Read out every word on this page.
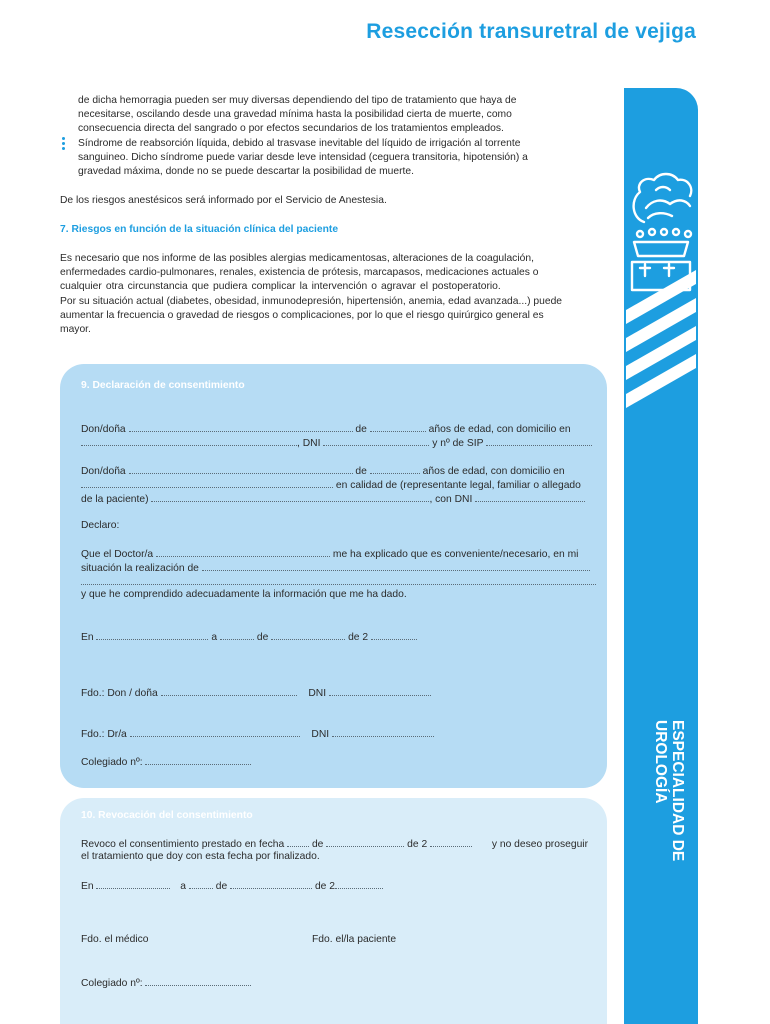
Resección transuretral de vejiga
ESPECIALIDAD DE
UROLOGÍA
de dicha hemorragia pueden ser muy diversas dependiendo del tipo de tratamiento que haya de
necesitarse, oscilando desde una gravedad mínima hasta la posibilidad cierta de muerte, como
consecuencia directa del sangrado o por efectos secundarios de los tratamientos empleados.
Síndrome de reabsorción líquida, debido al trasvase inevitable del líquido de irrigación al torrente
sanguineo. Dicho síndrome puede variar desde leve intensidad (ceguera transitoria, hipotensión) a
gravedad máxima, donde no se puede descartar la posibilidad de muerte.
De los riesgos anestésicos será informado por el Servicio de Anestesia.
7. Riesgos en función de la situación clínica del paciente
Es necesario que nos informe de las posibles alergias medicamentosas, alteraciones de la coagulación,
enfermedades cardio-pulmonares, renales, existencia de prótesis, marcapasos, medicaciones actuales o
cualquier otra circunstancia que pudiera complicar la intervención o agravar el postoperatorio.
Por su situación actual (diabetes, obesidad, inmunodepresión, hipertensión, anemia, edad avanzada...) puede
aumentar la frecuencia o gravedad de riesgos o complicaciones, por lo que el riesgo quirúrgico general es
mayor.
9. Declaración de consentimiento
Don/doña	de	años de edad, con domicilio en
, DNI	y nº de SIP
Don/doña	de	años de edad, con domicilio en
en calidad de (representante legal, familiar o allegado
de la paciente)	, con DNI
Declaro:
Que el Doctor/a	me ha explicado que es conveniente/necesario, en mi
situación la realización de
y que he comprendido adecuadamente la información que me ha dado.
En	a	de	de 2
Fdo.: Don / doña	DNI
Fdo.: Dr/a	DNI
Colegiado nº:
10. Revocación del consentimiento
Revoco el consentimiento prestado en fecha	de	de 2	y no deseo proseguir
el tratamiento que doy con esta fecha por finalizado.
En	a	de	de 2
Fdo. el médico	Fdo. el/la paciente
Colegiado nº:
